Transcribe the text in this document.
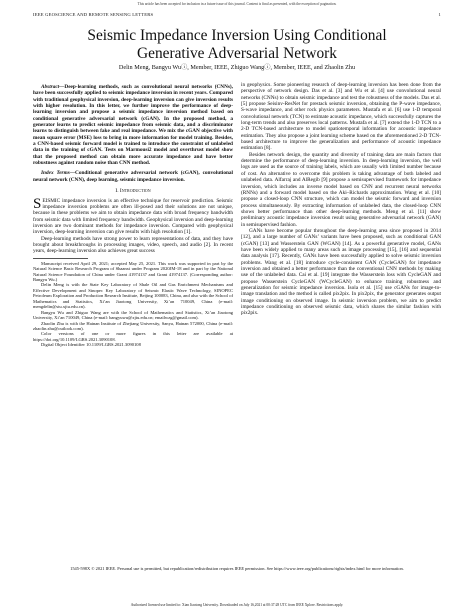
This article has been accepted for inclusion in a future issue of this journal. Content is final as presented, with the exception of pagination.
IEEE GEOSCIENCE AND REMOTE SENSING LETTERS	1
Seismic Impedance Inversion Using Conditional
Generative Adversarial Network
Delin Meng, Bangyu Wuⓘ, Member, IEEE, Zhiguo Wangⓘ, Member, IEEE, and Zhaolin Zhu

Abstract—Deep-learning methods, such as convolutional neural networks (CNNs), have been successfully applied to seismic impedance inversion in recent years. Compared with traditional geophysical inversion, deep-learning inversion can give inversion results with higher resolution. In this letter, we further improve the performance of deep-learning inversion and propose a seismic impedance inversion method based on conditional generative adversarial network (cGAN). In the proposed method, a generator learns to predict seismic impedance from seismic data, and a discriminator learns to distinguish between fake and real impedance. We mix the cGAN objective with mean square error (MSE) loss to bring in more information for model training. Besides, a CNN-based seismic forward model is trained to introduce the constraint of unlabeled data in the training of cGAN. Tests on Marmousi2 model and overthrust model show that the proposed method can obtain more accurate impedance and have better robustness against random noise than CNN method.

Index Terms—Conditional generative adversarial network (cGAN), convolutional neural network (CNN), deep learning, seismic impedance inversion.

I. Introduction

SEISMIC impedance inversion is an effective technique for reservoir prediction. Seismic impedance inversion problems are often ill-posed and their solutions are not unique, because in these problems we aim to obtain impedance data with broad frequency bandwidth from seismic data with limited frequency bandwidth. Geophysical inversion and deep-learning inversion are two dominant methods for impedance inversion. Compared with geophysical inversion, deep-learning inversion can give results with high resolution [1].

Deep-learning methods have strong power to learn representations of data, and they have brought about breakthroughs in processing images, video, speech, and audio [2]. In recent years, deep-learning inversion also achieves great success

Manuscript received April 29, 2021; accepted May 25, 2021. This work was supported in part by the Natural Science Basic Research Program of Shaanxi under Program 2020JM-18 and in part by the National Natural Science Foundation of China under Grant 41974137 and Grant 41974137. (Corresponding author: Bangyu Wu.)

Delin Meng is with the State Key Laboratory of Shale Oil and Gas Enrichment Mechanisms and Effective Development and Sinopec Key Laboratory of Seismic Elastic Wave Technology, SINOPEC Petroleum Exploration and Production Research Institute, Beijing 100083, China, and also with the School of Mathematics and Statistics, Xi’an Jiaotong University, Xi’an 710049, China (e-mail: mengdelin@stu.xjtu.edu.cn).

Bangyu Wu and Zhiguo Wang are with the School of Mathematics and Statistics, Xi’an Jiaotong University, Xi’an 710049, China (e-mail: bangyuwu@xjtu.edu.cn; emailwzg@gmail.com).

Zhaolin Zhu is with the Hainan Institute of Zhejiang University, Sanya, Hainan 572000, China (e-mail: zhaolin.zhu@outlook.com).

Color versions of one or more figures in this letter are available at https://doi.org/10.1109/LGRS.2021.3090108.

Digital Object Identifier 10.1109/LGRS.2021.3090108

in geophysics. Some pioneering research of deep-learning inversion has been done from the perspective of network design. Das et al. [3] and Wu et al. [4] use convolutional neural networks (CNNs) to obtain seismic impedance and test the robustness of the models. Das et al. [5] propose Seisinv-ResNet for prestack seismic inversion, obtaining the P-wave impedance, S-wave impedance, and other rock physics parameters. Mustafa et al. [6] use 1-D temporal convolutional network (TCN) to estimate acoustic impedance, which successfully captures the long-term trends and also preserves local patterns. Mustafa et al. [7] extend the 1-D TCN to a 2-D TCN-based architecture to model spatiotemporal information for acoustic impedance estimation. They also propose a joint learning scheme based on the aforementioned 2-D TCN-based architecture to improve the generalization and performance of acoustic impedance estimation [8].

Besides network design, the quantity and diversity of training data are main factors that determine the performance of deep-learning inversion. In deep-learning inversion, the well logs are used as the source of training labels, which are usually with limited number because of cost. An alternative to overcome this problem is taking advantage of both labeled and unlabeled data. Alfarraj and AlRegib [9] propose a semisupervised framework for impedance inversion, which includes an inverse model based on CNN and recurrent neural networks (RNNs) and a forward model based on the Aki–Richards approximation. Wang et al. [10] propose a closed-loop CNN structure, which can model the seismic forward and inversion process simultaneously. By extracting information of unlabeled data, the closed-loop CNN shows better performance than other deep-learning methods. Meng et al. [11] show preliminary acoustic impedance inversion result using generative adversarial network (GAN) in semisupervised fashion.

GANs have become popular throughout the deep-learning area since proposed in 2014 [12], and a large number of GANs’ variants have been proposed, such as conditional GAN (cGAN) [13] and Wasserstein GAN (WGAN) [14]. As a powerful generative model, GANs have been widely applied to many areas such as image processing [15], [16] and sequential data analysis [17]. Recently, GANs have been successfully applied to solve seismic inversion problems. Wang et al. [18] introduce cycle-consistent GAN (CycleGAN) for impedance inversion and obtained a better performance than the conventional CNN methods by making use of the unlabeled data. Cai et al. [19] integrate the Wasserstein loss with CycleGAN and propose Wasserstein CycleGAN (WCycleGAN) to enhance training robustness and generalization for seismic impedance inversion. Isola et al. [15] use cGANs for image-to-image translation and the method is called pix2pix. In pix2pix, the generator generates output image conditioning on observed image. In seismic inversion problem, we aim to predict impedance conditioning on observed seismic data, which shares the similar fashion with pix2pix.

1545-598X © 2021 IEEE. Personal use is permitted, but republication/redistribution requires IEEE permission. See https://www.ieee.org/publications/rights/index.html for more information.
Authorized licensed use limited to: Xian Jiaotong University. Downloaded on July 16,2021 at 00:37:28 UTC from IEEE Xplore. Restrictions apply.
